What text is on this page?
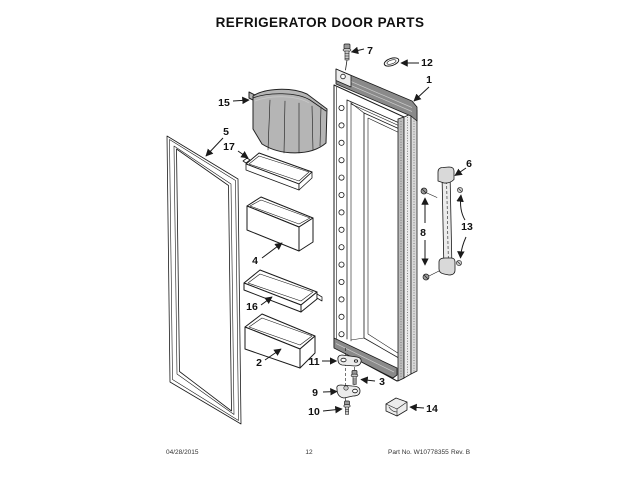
REFRIGERATOR DOOR PARTS
1
2
3
4
5
6
7
8
9
10
11
12
13
14
15
16
17
04/28/2015	12	Part No. W10778355 Rev. B
